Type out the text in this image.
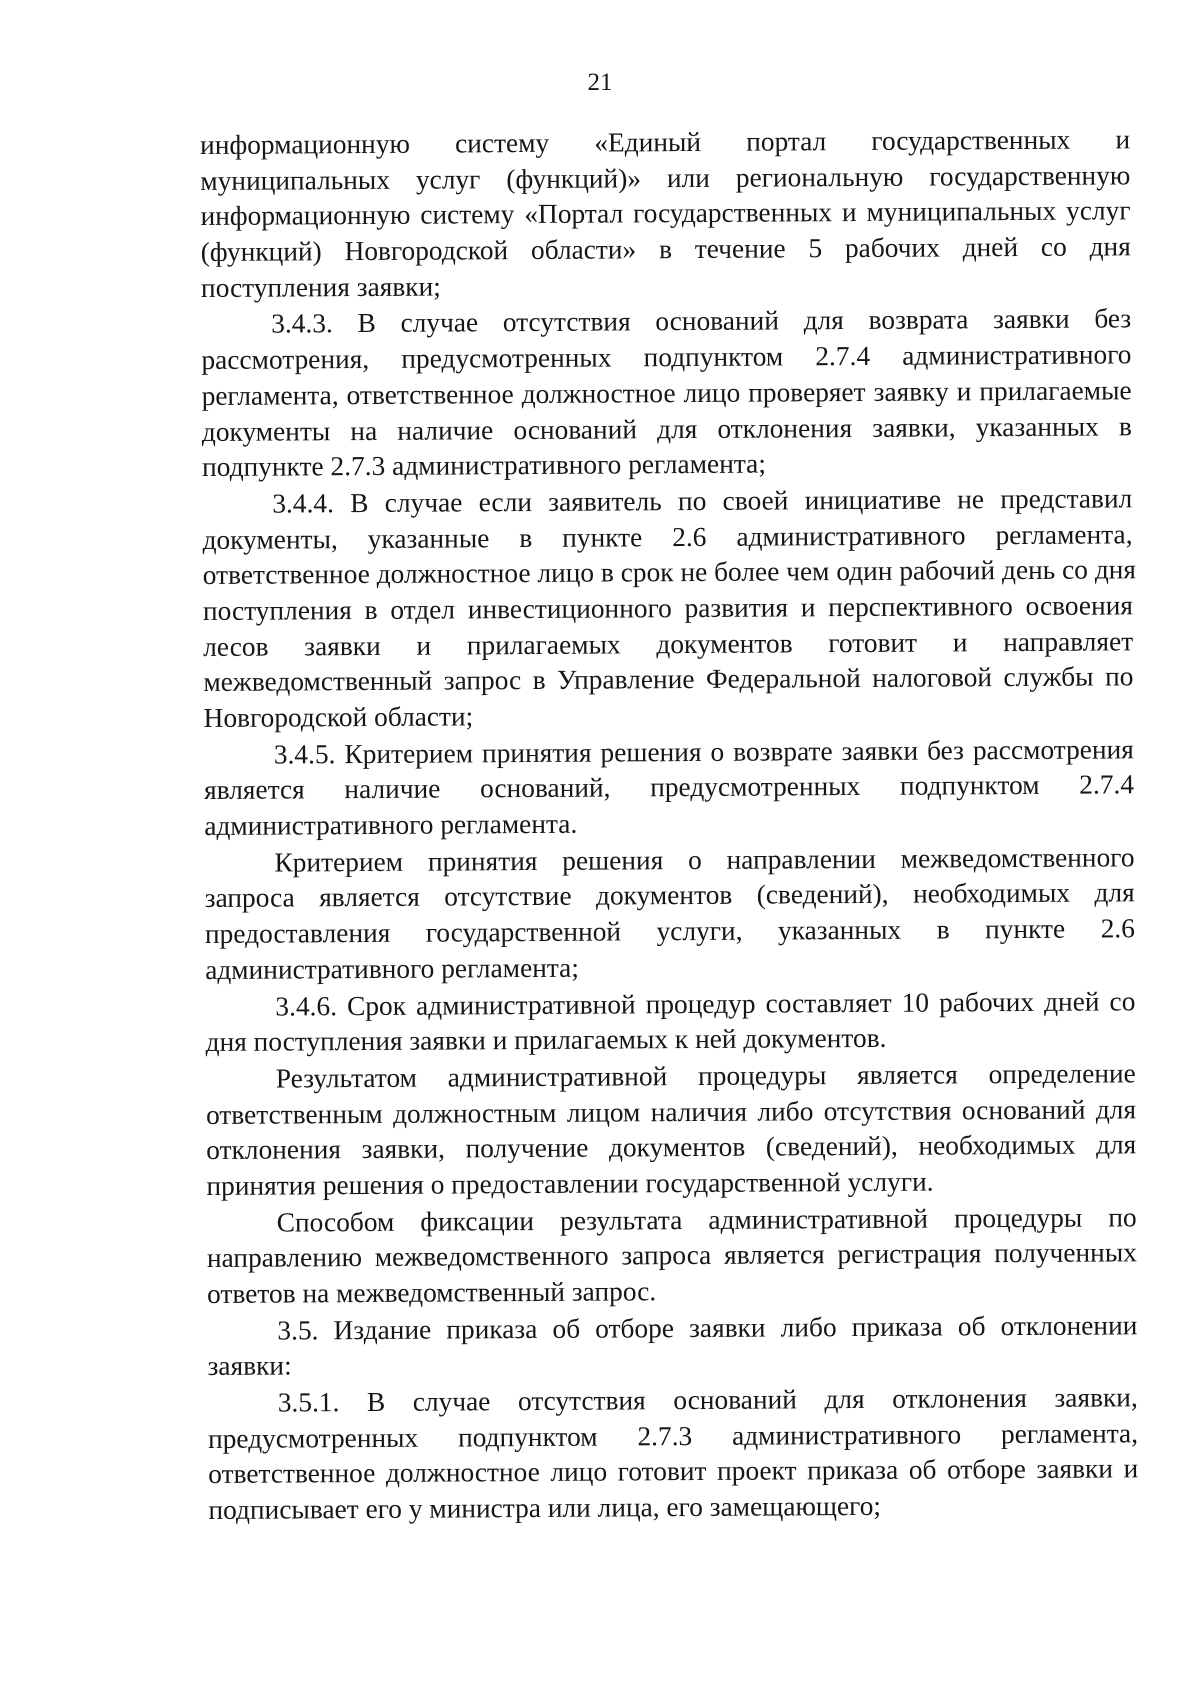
21
информационную систему «Единый портал государственных и
муниципальных услуг (функций)» или региональную государственную
информационную систему «Портал государственных и муниципальных услуг
(функций) Новгородской области» в течение 5 рабочих дней со дня
поступления заявки;
3.4.3. В случае отсутствия оснований для возврата заявки без
рассмотрения, предусмотренных подпунктом 2.7.4 административного
регламента, ответственное должностное лицо проверяет заявку и прилагаемые
документы на наличие оснований для отклонения заявки, указанных в
подпункте 2.7.3 административного регламента;
3.4.4. В случае если заявитель по своей инициативе не представил
документы, указанные в пункте 2.6 административного регламента,
ответственное должностное лицо в срок не более чем один рабочий день со дня
поступления в отдел инвестиционного развития и перспективного освоения
лесов заявки и прилагаемых документов готовит и направляет
межведомственный запрос в Управление Федеральной налоговой службы по
Новгородской области;
3.4.5. Критерием принятия решения о возврате заявки без рассмотрения
является наличие оснований, предусмотренных подпунктом 2.7.4
административного регламента.
Критерием принятия решения о направлении межведомственного
запроса является отсутствие документов (сведений), необходимых для
предоставления государственной услуги, указанных в пункте 2.6
административного регламента;
3.4.6. Срок административной процедур составляет 10 рабочих дней со
дня поступления заявки и прилагаемых к ней документов.
Результатом административной процедуры является определение
ответственным должностным лицом наличия либо отсутствия оснований для
отклонения заявки, получение документов (сведений), необходимых для
принятия решения о предоставлении государственной услуги.
Способом фиксации результата административной процедуры по
направлению межведомственного запроса является регистрация полученных
ответов на межведомственный запрос.
3.5. Издание приказа об отборе заявки либо приказа об отклонении
заявки:
3.5.1. В случае отсутствия оснований для отклонения заявки,
предусмотренных подпунктом 2.7.3 административного регламента,
ответственное должностное лицо готовит проект приказа об отборе заявки и
подписывает его у министра или лица, его замещающего;
